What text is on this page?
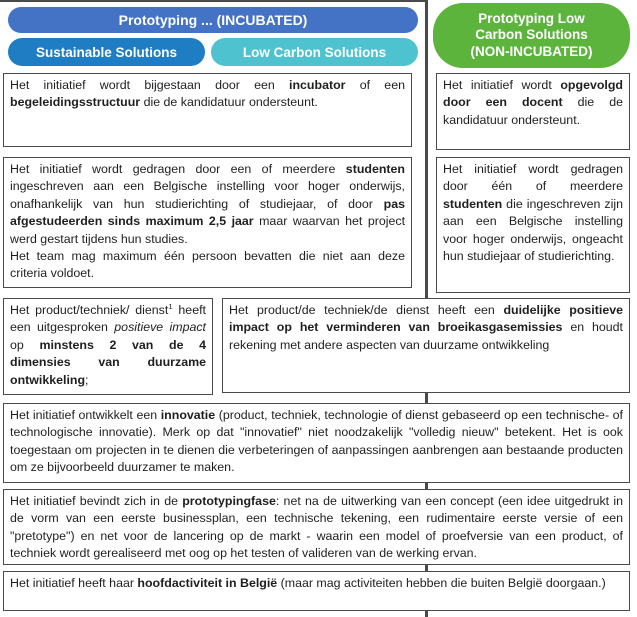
Prototyping ... (INCUBATED)
Sustainable Solutions	Low Carbon Solutions
Prototyping Low Carbon Solutions (NON-INCUBATED)
Het initiatief wordt bijgestaan door een incubator of een begeleidingsstructuur die de kandidatuur ondersteunt.
Het initiatief wordt opgevolgd door een docent die de kandidatuur ondersteunt.
Het initiatief wordt gedragen door een of meerdere studenten ingeschreven aan een Belgische instelling voor hoger onderwijs, onafhankelijk van hun studierichting of studiejaar, of door pas afgestudeerden sinds maximum 2,5 jaar maar waarvan het project werd gestart tijdens hun studies.
Het team mag maximum één persoon bevatten die niet aan deze criteria voldoet.
Het initiatief wordt gedragen door één of meerdere studenten die ingeschreven zijn aan een Belgische instelling voor hoger onderwijs, ongeacht hun studiejaar of studierichting.
Het product/techniek/ dienst$^1$ heeft een uitgesproken positieve impact op minstens 2 van de 4 dimensies van duurzame ontwikkeling;
Het product/de techniek/de dienst heeft een duidelijke positieve impact op het verminderen van broeikasgasemissies en houdt rekening met andere aspecten van duurzame ontwikkeling
Het initiatief ontwikkelt een innovatie (product, techniek, technologie of dienst gebaseerd op een technische- of technologische innovatie). Merk op dat "innovatief" niet noodzakelijk "volledig nieuw" betekent. Het is ook toegestaan om projecten in te dienen die verbeteringen of aanpassingen aanbrengen aan bestaande producten om ze bijvoorbeeld duurzamer te maken.
Het initiatief bevindt zich in de prototypingfase: net na de uitwerking van een concept (een idee uitgedrukt in de vorm van een eerste businessplan, een technische tekening, een rudimentaire eerste versie of een "pretotype") en net voor de lancering op de markt - waarin een model of proefversie van een product, of techniek wordt gerealiseerd met oog op het testen of valideren van de werking ervan.
Het initiatief heeft haar hoofdactiviteit in België (maar mag activiteiten hebben die buiten België doorgaan.)
